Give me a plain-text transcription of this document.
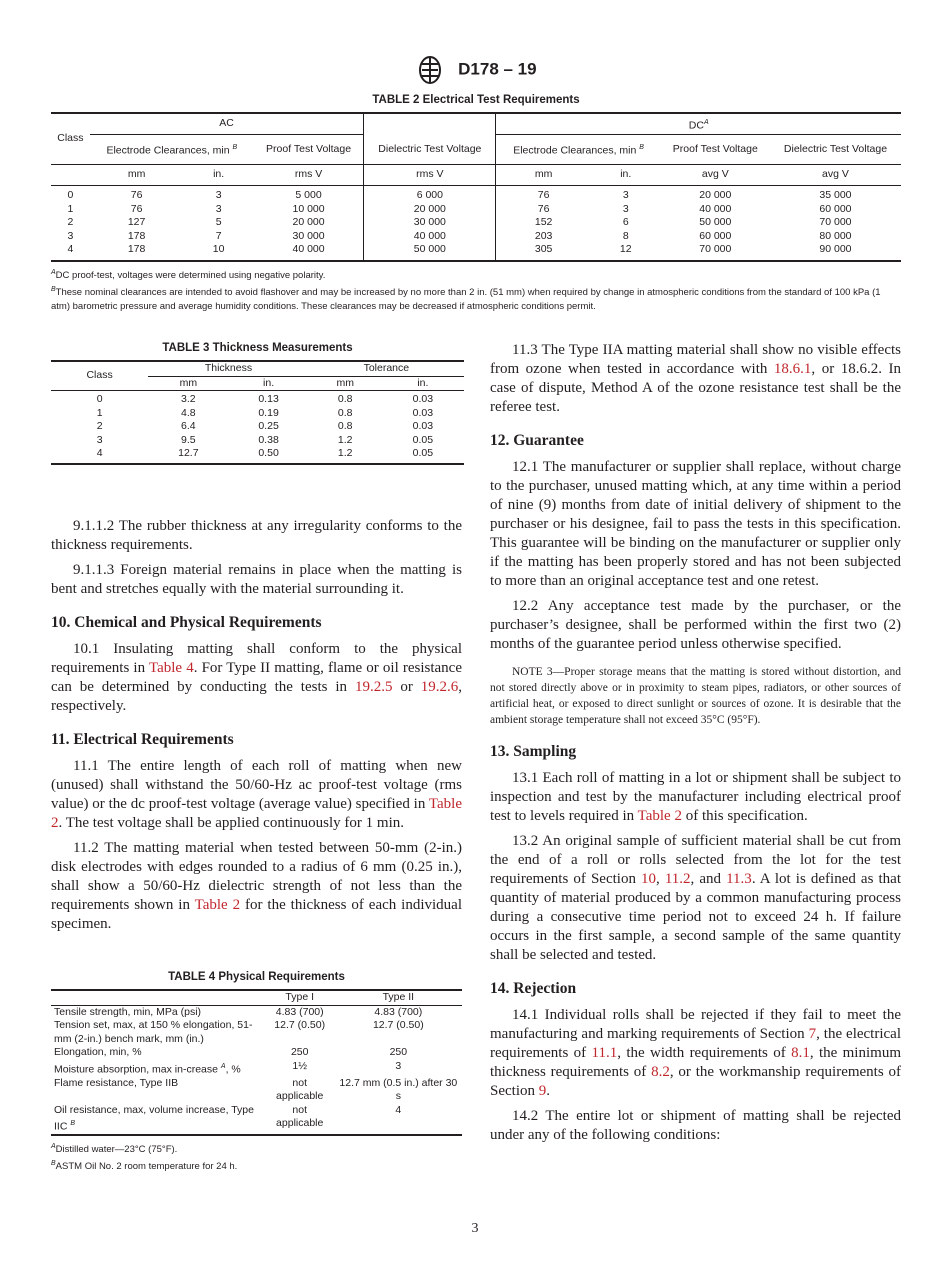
D178 – 19
TABLE 2 Electrical Test Requirements
Class	AC				$DC^A$
	Electrode Clearances, min $^B$		Proof Test Voltage	Dielectric Test Voltage	Electrode Clearances, min $^B$		Proof Test Voltage	Dielectric Test Voltage
	mm	in.	rms V	rms V	mm	in.	avg V	avg V
0	76	3	5 000	6 000	76	3	20 000	35 000
1	76	3	10 000	20 000	76	3	40 000	60 000
2	127	5	20 000	30 000	152	6	50 000	70 000
3	178	7	30 000	40 000	203	8	60 000	80 000
4	178	10	40 000	50 000	305	12	70 000	90 000
$^A$DC proof-test, voltages were determined using negative polarity.
$^B$These nominal clearances are intended to avoid flashover and may be increased by no more than 2 in. (51 mm) when required by change in atmospheric conditions from the standard of 100 kPa (1 atm) barometric pressure and average humidity conditions. These clearances may be decreased if atmospheric conditions permit.
TABLE 3 Thickness Measurements
Class	Thickness		Tolerance	
	mm	in.	mm	in.
0	3.2	0.13	0.8	0.03
1	4.8	0.19	0.8	0.03
2	6.4	0.25	0.8	0.03
3	9.5	0.38	1.2	0.05
4	12.7	0.50	1.2	0.05

9.1.1.2 The rubber thickness at any irregularity conforms to the thickness requirements.

9.1.1.3 Foreign material remains in place when the matting is bent and stretches equally with the material surrounding it.

10. Chemical and Physical Requirements

10.1 Insulating matting shall conform to the physical requirements in Table 4. For Type II matting, flame or oil resistance can be determined by conducting the tests in 19.2.5 or 19.2.6, respectively.

11. Electrical Requirements

11.1 The entire length of each roll of matting when new (unused) shall withstand the 50/60-Hz ac proof-test voltage (rms value) or the dc proof-test voltage (average value) specified in Table 2. The test voltage shall be applied continuously for 1 min.

11.2 The matting material when tested between 50-mm (2-in.) disk electrodes with edges rounded to a radius of 6 mm (0.25 in.), shall show a 50/60-Hz dielectric strength of not less than the requirements shown in Table 2 for the thickness of each individual specimen.

11.3 The Type IIA matting material shall show no visible effects from ozone when tested in accordance with 18.6.1, or 18.6.2. In case of dispute, Method A of the ozone resistance test shall be the referee test.

12. Guarantee

12.1 The manufacturer or supplier shall replace, without charge to the purchaser, unused matting which, at any time within a period of nine (9) months from date of initial delivery of shipment to the purchaser or his designee, fail to pass the tests in this specification. This guarantee will be binding on the manufacturer or supplier only if the matting has been properly stored and has not been subjected to more than an original acceptance test and one retest.

12.2 Any acceptance test made by the purchaser, or the purchaser’s designee, shall be performed within the first two (2) months of the guarantee period unless otherwise specified.

NOTE 3—Proper storage means that the matting is stored without distortion, and not stored directly above or in proximity to steam pipes, radiators, or other sources of artificial heat, or exposed to direct sunlight or sources of ozone. It is desirable that the ambient storage temperature shall not exceed 35°C (95°F).

13. Sampling

13.1 Each roll of matting in a lot or shipment shall be subject to inspection and test by the manufacturer including electrical proof test to levels required in Table 2 of this specification.

13.2 An original sample of sufficient material shall be cut from the end of a roll or rolls selected from the lot for the test requirements of Section 10, 11.2, and 11.3. A lot is defined as that quantity of material produced by a common manufacturing process during a consecutive time period not to exceed 24 h. If failure occurs in the first sample, a second sample of the same quantity shall be selected and tested.

14. Rejection

14.1 Individual rolls shall be rejected if they fail to meet the manufacturing and marking requirements of Section 7, the electrical requirements of 11.1, the width requirements of 8.1, the minimum thickness requirements of 8.2, or the workmanship requirements of Section 9.

14.2 The entire lot or shipment of matting shall be rejected under any of the following conditions:

TABLE 4 Physical Requirements
	Type I	Type II
Tensile strength, min, MPa (psi)	4.83 (700)	4.83 (700)
Tension set, max, at 150 % elongation, 51-mm (2-in.) bench mark, mm (in.)	12.7 (0.50)	12.7 (0.50)
Elongation, min, %	250	250
Moisture absorption, max in-crease $^A$, %	1½	3
Flame resistance, Type IIB	not applicable	12.7 mm (0.5 in.) after 30 s
Oil resistance, max, volume increase, Type IIC $^B$	not applicable	4
$^A$Distilled water—23°C (75°F).
$^B$ASTM Oil No. 2 room temperature for 24 h.
3
